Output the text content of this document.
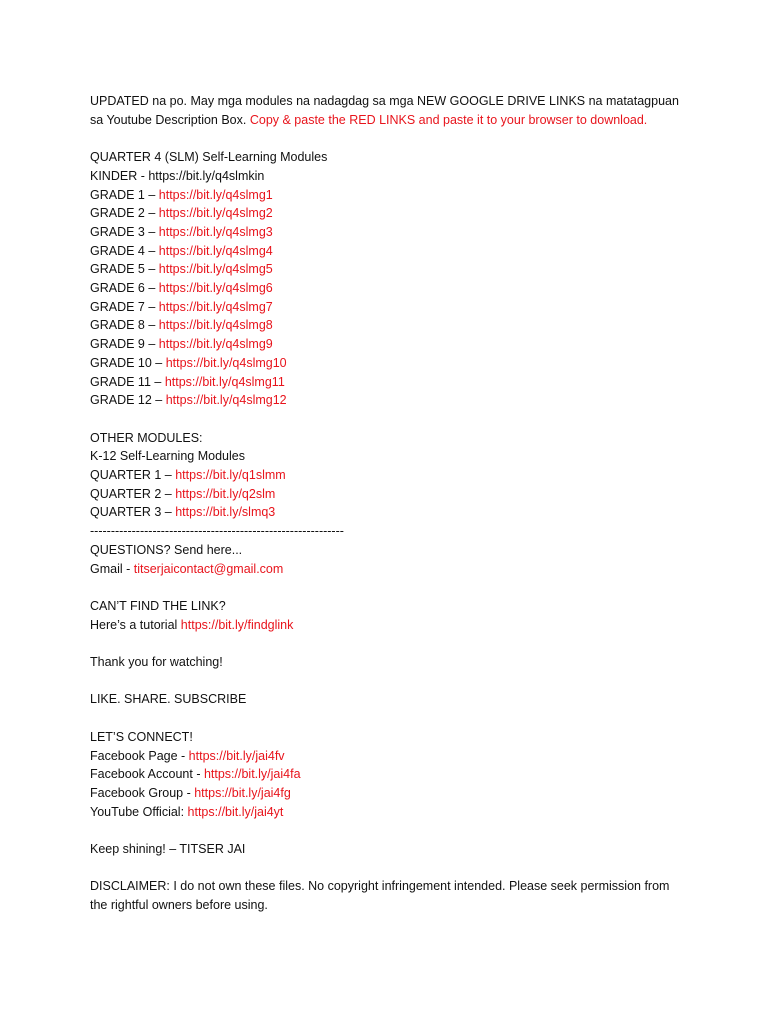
UPDATED na po. May mga modules na nadagdag sa mga NEW GOOGLE DRIVE LINKS na matatagpuan sa Youtube Description Box. Copy & paste the RED LINKS and paste it to your browser to download.
QUARTER 4 (SLM) Self-Learning Modules
KINDER - https://bit.ly/q4slmkin
GRADE 1 – https://bit.ly/q4slmg1
GRADE 2 – https://bit.ly/q4slmg2
GRADE 3 – https://bit.ly/q4slmg3
GRADE 4 – https://bit.ly/q4slmg4
GRADE 5 – https://bit.ly/q4slmg5
GRADE 6 – https://bit.ly/q4slmg6
GRADE 7 – https://bit.ly/q4slmg7
GRADE 8 – https://bit.ly/q4slmg8
GRADE 9 – https://bit.ly/q4slmg9
GRADE 10 – https://bit.ly/q4slmg10
GRADE 11 – https://bit.ly/q4slmg11
GRADE 12 – https://bit.ly/q4slmg12
OTHER MODULES:
K-12 Self-Learning Modules
QUARTER 1 – https://bit.ly/q1slmm
QUARTER 2 – https://bit.ly/q2slm
QUARTER 3 – https://bit.ly/slmq3
-------------------------------------------------------------
QUESTIONS? Send here...
Gmail - titserjaicontact@gmail.com
CAN’T FIND THE LINK?
Here’s a tutorial https://bit.ly/findglink
Thank you for watching!
LIKE. SHARE. SUBSCRIBE
LET’S CONNECT!
Facebook Page - https://bit.ly/jai4fv
Facebook Account - https://bit.ly/jai4fa
Facebook Group - https://bit.ly/jai4fg
YouTube Official: https://bit.ly/jai4yt
Keep shining! – TITSER JAI
DISCLAIMER: I do not own these files. No copyright infringement intended. Please seek permission from the rightful owners before using.
